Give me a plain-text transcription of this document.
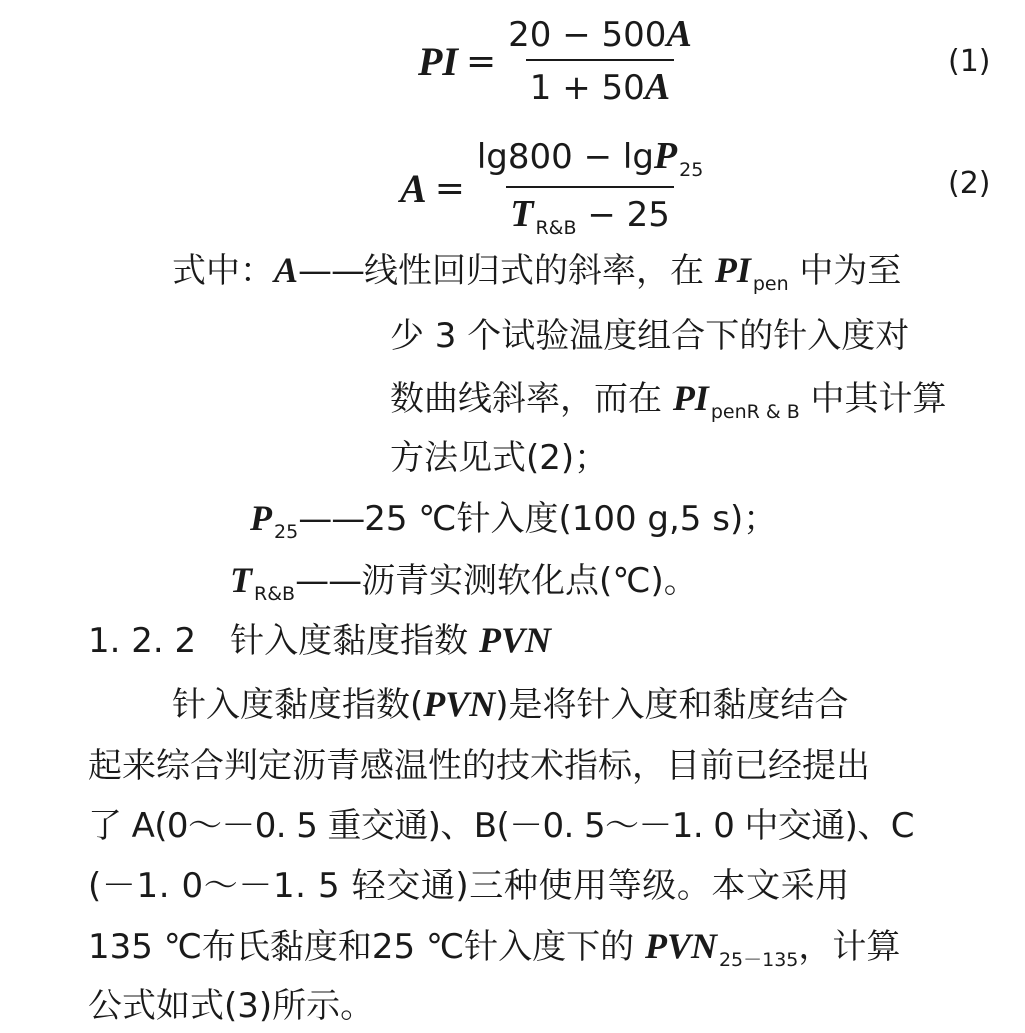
PI = $\frac{20 - 500A}{1 + 50A}$	(1)
$A = \frac{\lg 800 - \lg P _{25}}{T _{R\&B} - 25}$	(2)
式中：A——线性回归式的斜率，在 PI $_{pen}$ 中为至
少 3 个试验温度组合下的针入度对
数曲线斜率，而在 PI $_{penR \& B}$ 中其计算
方法见式(2)；
P $_{25}$——25 ℃针入度(100 g,5 s)；
T $_{R\&B}$——沥青实测软化点(℃)。
1. 2. 2 针入度黏度指数 PVN
针入度黏度指数(PVN)是将针入度和黏度结合
起来综合判定沥青感温性的技术指标，目前已经提出
了 A(0～－0. 5 重交通)、B(－0. 5～－1. 0 中交通)、C
(－1. 0～－1. 5 轻交通)三种使用等级。本文采用
135 ℃布氏黏度和25 ℃针入度下的 PVN $_{25-135}$，计算
公式如式(3)所示。
